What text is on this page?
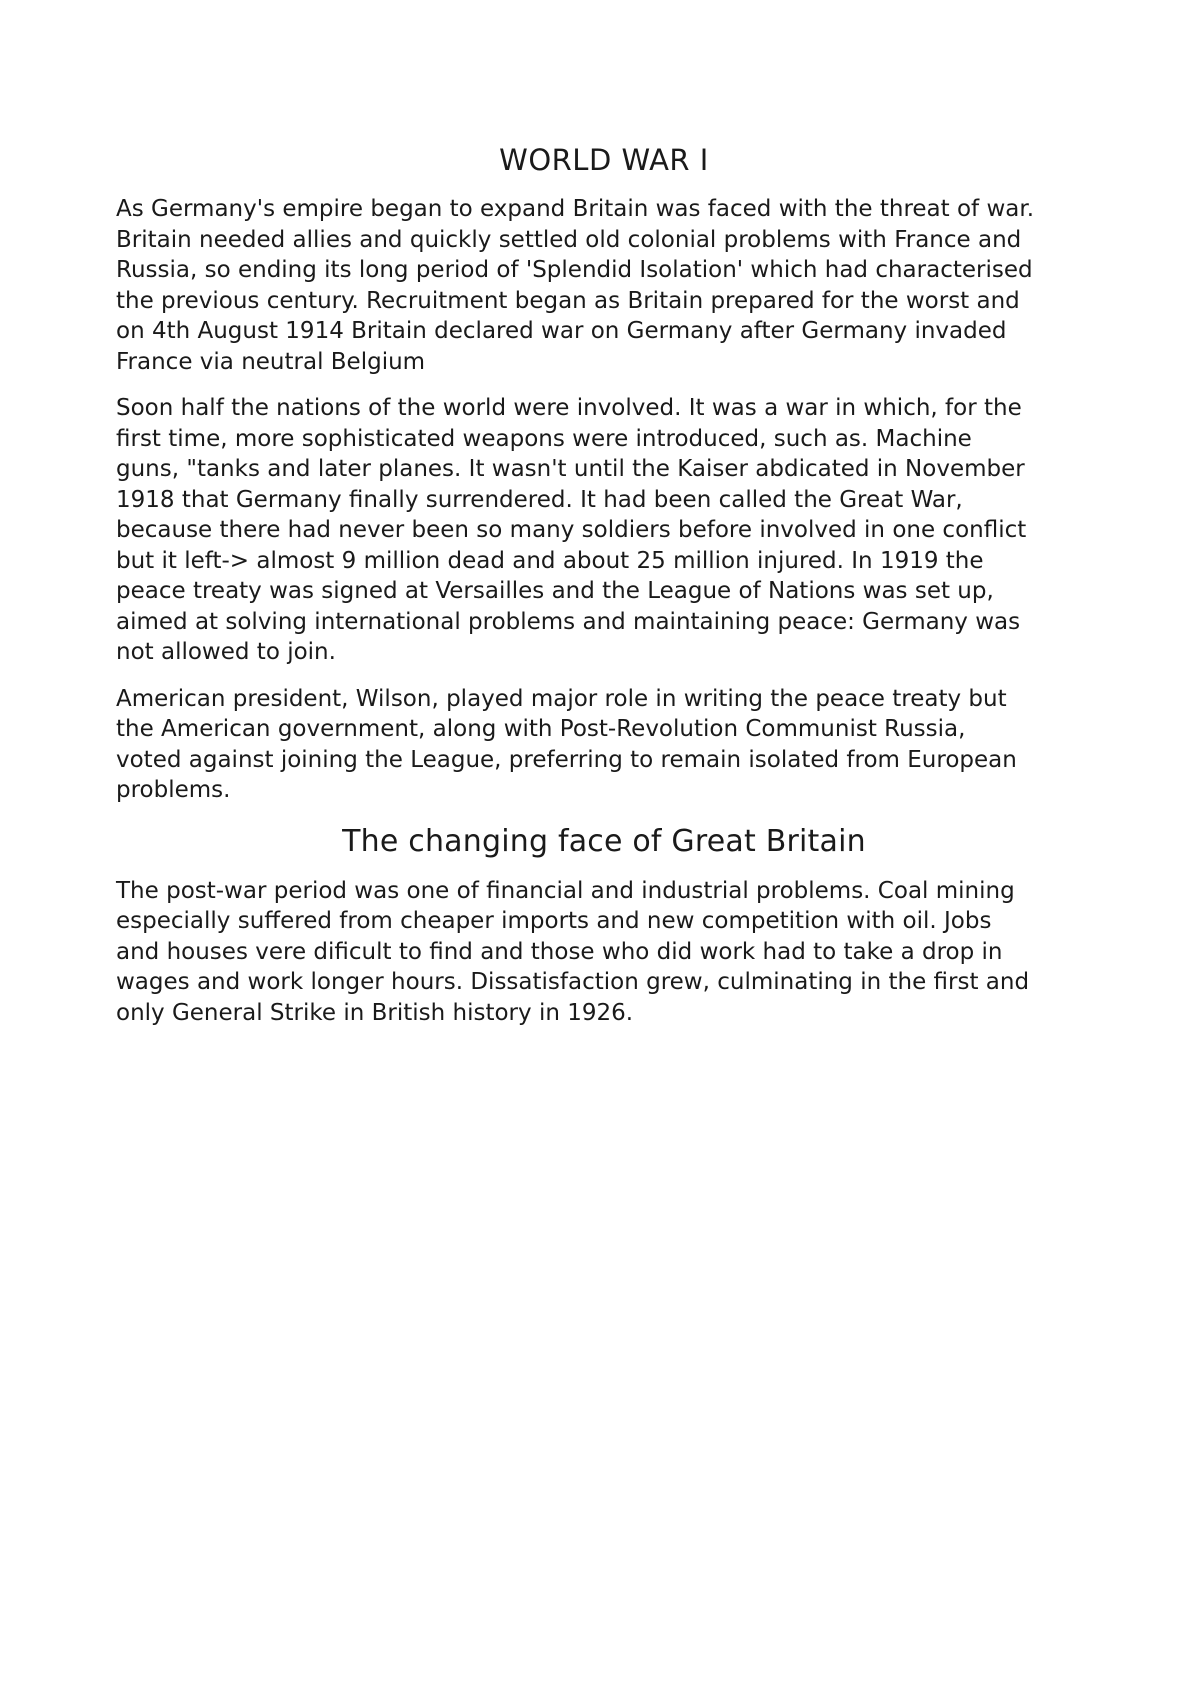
WORLD WAR I

As Germany's empire began to expand Britain was faced with the threat of war.
Britain needed allies and quickly settled old colonial problems with France and
Russia, so ending its long period of 'Splendid Isolation' which had characterised
the previous century. Recruitment began as Britain prepared for the worst and
on 4th August 1914 Britain declared war on Germany after Germany invaded
France via neutral Belgium

Soon half the nations of the world were involved. It was a war in which, for the
first time, more sophisticated weapons were introduced, such as. Machine
guns, "tanks and later planes. It wasn't until the Kaiser abdicated in November
1918 that Germany finally surrendered. It had been called the Great War,
because there had never been so many soldiers before involved in one conflict
but it left-> almost 9 million dead and about 25 million injured. In 1919 the
peace treaty was signed at Versailles and the League of Nations was set up,
aimed at solving international problems and maintaining peace: Germany was
not allowed to join.

American president, Wilson, played major role in writing the peace treaty but
the American government, along with Post-Revolution Communist Russia,
voted against joining the League, preferring to remain isolated from European
problems.

The changing face of Great Britain

The post-war period was one of financial and industrial problems. Coal mining
especially suffered from cheaper imports and new competition with oil. Jobs
and houses vere dificult to find and those who did work had to take a drop in
wages and work longer hours. Dissatisfaction grew, culminating in the first and
only General Strike in British history in 1926.
